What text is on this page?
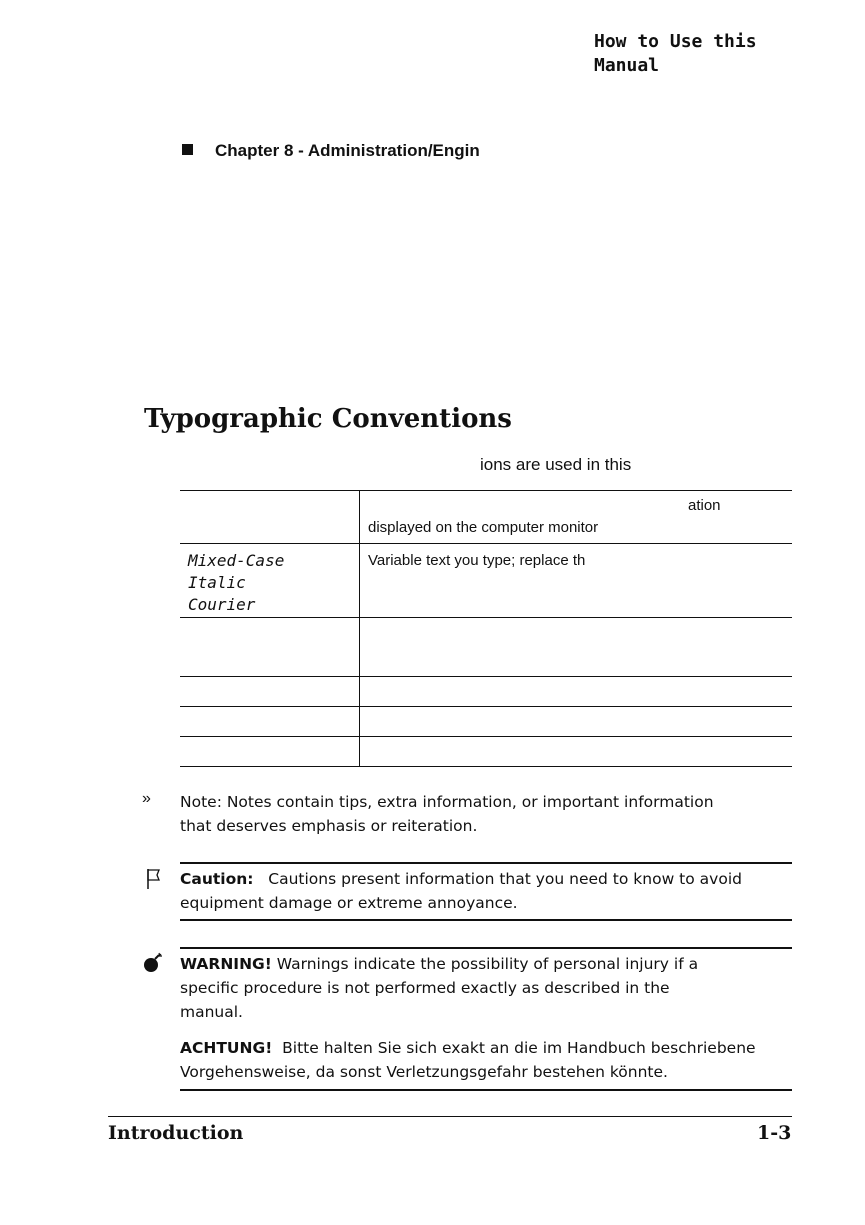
How to Use this
Manual
Chapter 8 - Administration/Engin
Typographic Conventions
ions are used in this
ation
displayed on the computer monitor
Mixed-Case
Italic
Courier
Variable text you type; replace th
» Note: Notes contain tips, extra information, or important information
that deserves emphasis or reiteration.
Caution: Cautions present information that you need to know to avoid
equipment damage or extreme annoyance.
WARNING! Warnings indicate the possibility of personal injury if a
specific procedure is not performed exactly as described in the
manual.
ACHTUNG! Bitte halten Sie sich exakt an die im Handbuch beschriebene
Vorgehensweise, da sonst Verletzungsgefahr bestehen könnte.
Introduction	1-3
